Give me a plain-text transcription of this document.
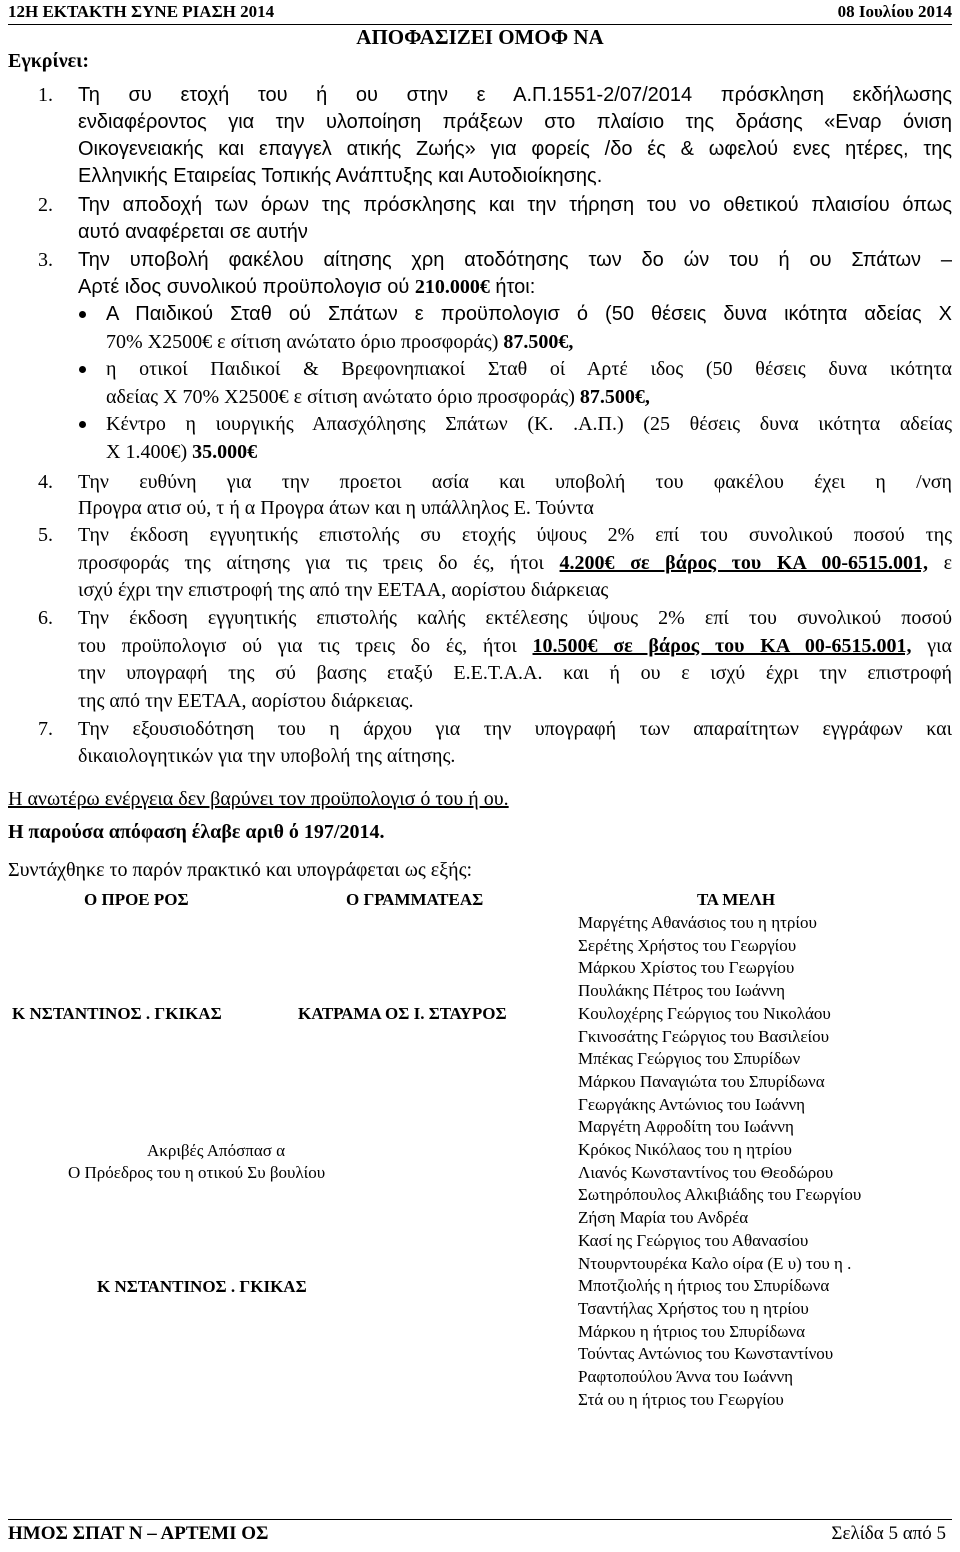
12Η ΕΚΤΑΚΤΗ ΣΥΝΕ ΡΙΑΣΗ 2014	08 Ιουλίου 2014
ΑΠΟΦΑΣΙΖΕΙ ΟΜΟΦ ΝΑ
Εγκρίνει:
1. Τη συ ετοχή του ή ου στην ε Α.Π.1551-2/07/2014 πρόσκληση εκδήλωσης
ενδιαφέροντος για την υλοποίηση πράξεων στο πλαίσιο της δράσης «Εναρ όνιση
Οικογενειακής και επαγγελ ατικής Ζωής» για φορείς /δο ές & ωφελού ενες ητέρες, της
Ελληνικής Εταιρείας Τοπικής Ανάπτυξης και Αυτοδιοίκησης.
2. Την αποδοχή των όρων της πρόσκλησης και την τήρηση του νο οθετικού πλαισίου όπως
αυτό αναφέρεται σε αυτήν
3. Την υποβολή φακέλου αίτησης χρη ατοδότησης των δο ών του ή ου Σπάτων –
Αρτέ ιδος συνολικού προϋπολογισ ού 210.000€ ήτοι:
Α Παιδικού Σταθ ού Σπάτων ε προϋπολογισ ό (50 θέσεις δυνα ικότητα αδείας Χ
70% Χ2500€ ε σίτιση ανώτατο όριο προσφοράς) 87.500€,
η οτικοί Παιδικοί & Βρεφονηπιακοί Σταθ οί Αρτέ ιδος (50 θέσεις δυνα ικότητα
αδείας Χ 70% Χ2500€ ε σίτιση ανώτατο όριο προσφοράς) 87.500€,
Κέντρο η ιουργικής Απασχόλησης Σπάτων (Κ. .Α.Π.) (25 θέσεις δυνα ικότητα αδείας
Χ 1.400€) 35.000€
4. Την ευθύνη για την προετοι ασία και υποβολή του φακέλου έχει η /νση
Προγρα ατισ ού, τ ή α Προγρα άτων και η υπάλληλος Ε. Τούντα
5. Την έκδοση εγγυητικής επιστολής συ ετοχής ύψους 2% επί του συνολικού ποσού της
προσφοράς της αίτησης για τις τρεις δο ές, ήτοι 4.200€ σε βάρος του ΚΑ 00-6515.001, ε
ισχύ έχρι την επιστροφή της από την ΕΕΤΑΑ, αορίστου διάρκειας
6. Την έκδοση εγγυητικής επιστολής καλής εκτέλεσης ύψους 2% επί του συνολικού ποσού
του προϋπολογισ ού για τις τρεις δο ές, ήτοι 10.500€ σε βάρος του ΚΑ 00-6515.001, για
την υπογραφή της σύ βασης εταξύ Ε.Ε.Τ.Α.Α. και ή ου ε ισχύ έχρι την επιστροφή
της από την ΕΕΤΑΑ, αορίστου διάρκειας.
7. Την εξουσιοδότηση του η άρχου για την υπογραφή των απαραίτητων εγγράφων και
δικαιολογητικών για την υποβολή της αίτησης.
Η ανωτέρω ενέργεια δεν βαρύνει τον προϋπολογισ ό του ή ου.
Η παρούσα απόφαση έλαβε αριθ ό 197/2014.
Συντάχθηκε το παρόν πρακτικό και υπογράφεται ως εξής:
Ο ΠΡΟΕ ΡΟΣ	Ο ΓΡΑΜΜΑΤΕΑΣ	ΤΑ ΜΕΛΗ
Κ ΝΣΤΑΝΤΙΝΟΣ . ΓΚΙΚΑΣ	ΚΑΤΡΑΜΑ ΟΣ Ι. ΣΤΑΥΡΟΣ
Ακριβές Απόσπασ α
Ο Πρόεδρος του η οτικού Συ βουλίου
Κ ΝΣΤΑΝΤΙΝΟΣ . ΓΚΙΚΑΣ
Μαργέτης Αθανάσιος του η ητρίου
Σερέτης Χρήστος του Γεωργίου
Μάρκου Χρίστος του Γεωργίου
Πουλάκης Πέτρος του Ιωάννη
Κουλοχέρης Γεώργιος του Νικολάου
Γκινοσάτης Γεώργιος του Βασιλείου
Μπέκας Γεώργιος του Σπυρίδων
Μάρκου Παναγιώτα του Σπυρίδωνα
Γεωργάκης Αντώνιος του Ιωάννη
Μαργέτη Αφροδίτη του Ιωάννη
Κρόκος Νικόλαος του η ητρίου
Λιανός Κωνσταντίνος του Θεοδώρου
Σωτηρόπουλος Αλκιβιάδης του Γεωργίου
Ζήση Μαρία του Ανδρέα
Κασί ης Γεώργιος του Αθανασίου
Ντουρντουρέκα Καλο οίρα (Ε υ) του η .
Μποτζιολής η ήτριος του Σπυρίδωνα
Τσαντήλας Χρήστος του η ητρίου
Μάρκου η ήτριος του Σπυρίδωνα
Τούντας Αντώνιος του Κωνσταντίνου
Ραφτοπούλου Άννα του Ιωάννη
Στά ου η ήτριος του Γεωργίου
ΗΜΟΣ ΣΠΑΤ Ν – ΑΡΤΕΜΙ ΟΣ	Σελίδα 5 από 5
